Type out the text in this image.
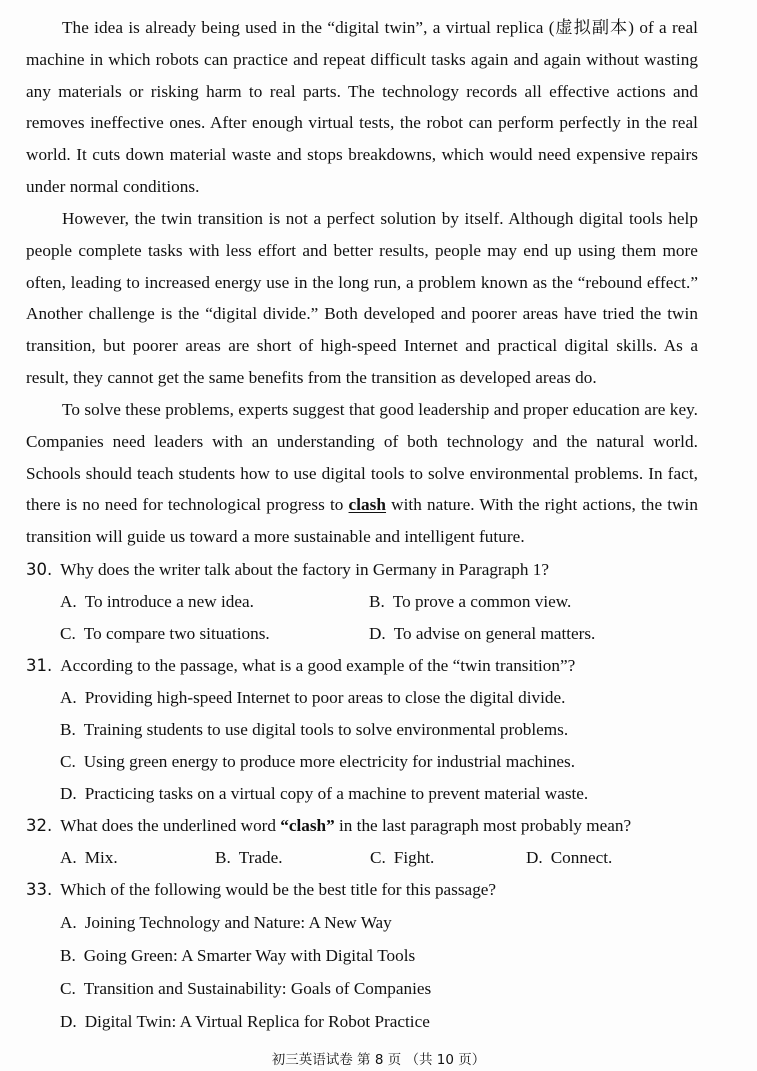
The idea is already being used in the “digital twin”, a virtual replica (虚拟副本) of a real machine in which robots can practice and repeat difficult tasks again and again without wasting any materials or risking harm to real parts. The technology records all effective actions and removes ineffective ones. After enough virtual tests, the robot can perform perfectly in the real world. It cuts down material waste and stops breakdowns, which would need expensive repairs under normal conditions.

However, the twin transition is not a perfect solution by itself. Although digital tools help people complete tasks with less effort and better results, people may end up using them more often, leading to increased energy use in the long run, a problem known as the “rebound effect.” Another challenge is the “digital divide.” Both developed and poorer areas have tried the twin transition, but poorer areas are short of high-speed Internet and practical digital skills. As a result, they cannot get the same benefits from the transition as developed areas do.

To solve these problems, experts suggest that good leadership and proper education are key. Companies need leaders with an understanding of both technology and the natural world. Schools should teach students how to use digital tools to solve environmental problems. In fact, there is no need for technological progress to clash with nature. With the right actions, the twin transition will guide us toward a more sustainable and intelligent future.

30. Why does the writer talk about the factory in Germany in Paragraph 1?
A. To introduce a new idea.	B. To prove a common view.
C. To compare two situations.	D. To advise on general matters.
31. According to the passage, what is a good example of the “twin transition”?
A. Providing high-speed Internet to poor areas to close the digital divide.
B. Training students to use digital tools to solve environmental problems.
C. Using green energy to produce more electricity for industrial machines.
D. Practicing tasks on a virtual copy of a machine to prevent material waste.
32. What does the underlined word “clash” in the last paragraph most probably mean?
A. Mix.	B. Trade.	C. Fight.	D. Connect.
33. Which of the following would be the best title for this passage?
A. Joining Technology and Nature: A New Way
B. Going Green: A Smarter Way with Digital Tools
C. Transition and Sustainability: Goals of Companies
D. Digital Twin: A Virtual Replica for Robot Practice
初三英语试卷 第 8 页 （共 10 页）
